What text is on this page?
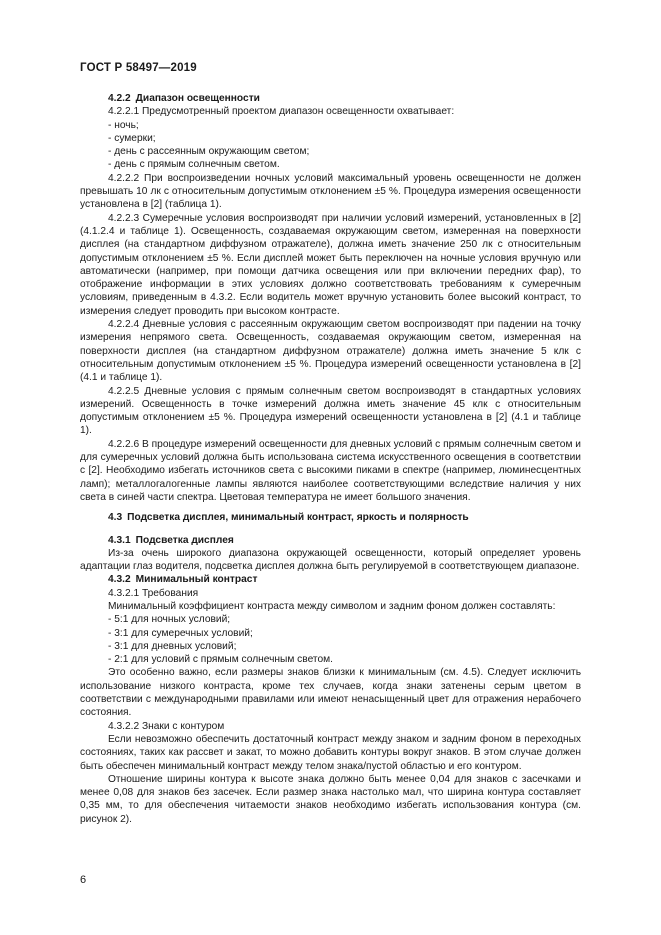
ГОСТ Р 58497—2019

4.2.2 Диапазон освещенности

4.2.2.1 Предусмотренный проектом диапазон освещенности охватывает:

- ночь;

- сумерки;

- день с рассеянным окружающим светом;

- день с прямым солнечным светом.

4.2.2.2 При воспроизведении ночных условий максимальный уровень освещенности не должен превышать 10 лк с относительным допустимым отклонением ±5 %. Процедура измерения освещенности установлена в [2] (таблица 1).

4.2.2.3 Сумеречные условия воспроизводят при наличии условий измерений, установленных в [2] (4.1.2.4 и таблице 1). Освещенность, создаваемая окружающим светом, измеренная на поверхности дисплея (на стандартном диффузном отражателе), должна иметь значение 250 лк с относительным допустимым отклонением ±5 %. Если дисплей может быть переключен на ночные условия вручную или автоматически (например, при помощи датчика освещения или при включении передних фар), то отображение информации в этих условиях должно соответствовать требованиям к сумеречным условиям, приведенным в 4.3.2. Если водитель может вручную установить более высокий контраст, то измерения следует проводить при высоком контрасте.

4.2.2.4 Дневные условия с рассеянным окружающим светом воспроизводят при падении на точку измерения непрямого света. Освещенность, создаваемая окружающим светом, измеренная на поверхности дисплея (на стандартном диффузном отражателе) должна иметь значение 5 клк с относительным допустимым отклонением ±5 %. Процедура измерений освещенности установлена в [2] (4.1 и таблице 1).

4.2.2.5 Дневные условия с прямым солнечным светом воспроизводят в стандартных условиях измерений. Освещенность в точке измерений должна иметь значение 45 клк с относительным допустимым отклонением ±5 %. Процедура измерений освещенности установлена в [2] (4.1 и таблице 1).

4.2.2.6 В процедуре измерений освещенности для дневных условий с прямым солнечным светом и для сумеречных условий должна быть использована система искусственного освещения в соответствии с [2]. Необходимо избегать источников света с высокими пиками в спектре (например, люминесцентных ламп); металлогалогенные лампы являются наиболее соответствующими вследствие наличия у них света в синей части спектра. Цветовая температура не имеет большого значения.

4.3 Подсветка дисплея, минимальный контраст, яркость и полярность

4.3.1 Подсветка дисплея

Из-за очень широкого диапазона окружающей освещенности, который определяет уровень адаптации глаз водителя, подсветка дисплея должна быть регулируемой в соответствующем диапазоне.

4.3.2 Минимальный контраст

4.3.2.1 Требования

Минимальный коэффициент контраста между символом и задним фоном должен составлять:

- 5:1 для ночных условий;

- 3:1 для сумеречных условий;

- 3:1 для дневных условий;

- 2:1 для условий с прямым солнечным светом.

Это особенно важно, если размеры знаков близки к минимальным (см. 4.5). Следует исключить использование низкого контраста, кроме тех случаев, когда знаки затенены серым цветом в соответствии с международными правилами или имеют ненасыщенный цвет для отражения нерабочего состояния.

4.3.2.2 Знаки с контуром

Если невозможно обеспечить достаточный контраст между знаком и задним фоном в переходных состояниях, таких как рассвет и закат, то можно добавить контуры вокруг знаков. В этом случае должен быть обеспечен минимальный контраст между телом знака/пустой областью и его контуром.

Отношение ширины контура к высоте знака должно быть менее 0,04 для знаков с засечками и менее 0,08 для знаков без засечек. Если размер знака настолько мал, что ширина контура составляет 0,35 мм, то для обеспечения читаемости знаков необходимо избегать использования контура (см. рисунок 2).

6
